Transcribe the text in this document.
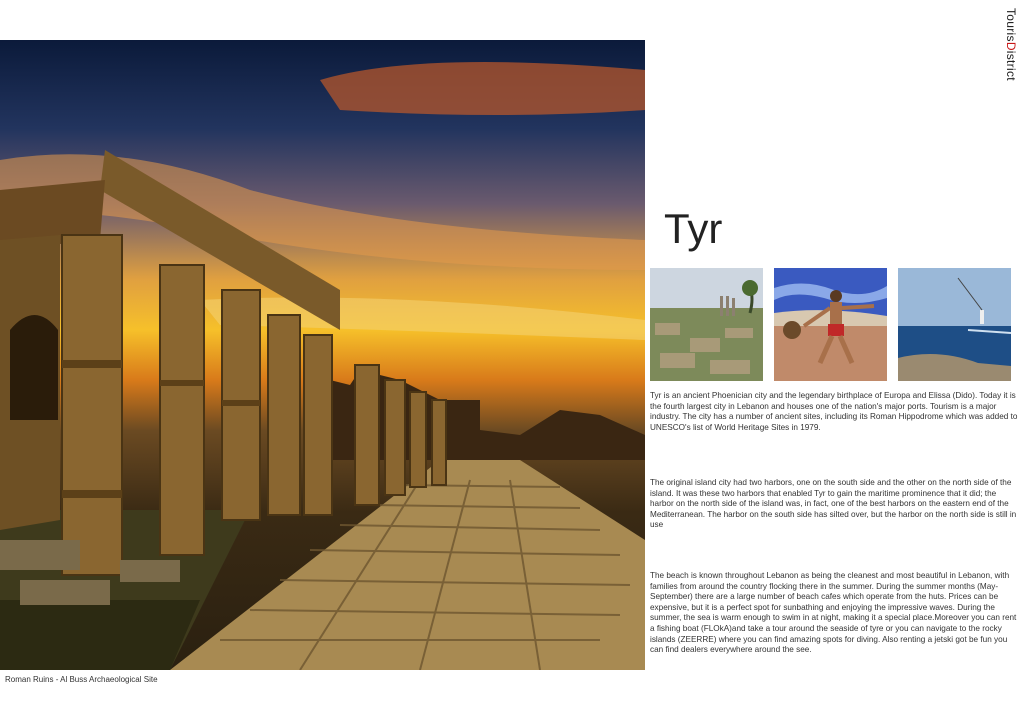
TourisDistrict
Roman Ruins - Al Buss Archaeological Site
Tyr

Tyr is an ancient Phoenician city and the legendary birthplace of Europa and Elissa (Dido). Today it is the fourth largest city in Lebanon and houses one of the nation's major ports. Tourism is a major industry. The city has a number of ancient sites, including its Roman Hippodrome which was added to UNESCO's list of World Heritage Sites in 1979.

The original island city had two harbors, one on the south side and the other on the north side of the island. It was these two harbors that enabled Tyr to gain the maritime prominence that it did; the harbor on the north side of the island was, in fact, one of the best harbors on the eastern end of the Mediterranean. The harbor on the south side has silted over, but the harbor on the north side is still in use

The beach is known throughout Lebanon as being the cleanest and most beautiful in Lebanon, with families from around the country flocking there in the summer. During the summer months (May-September) there are a large number of beach cafes which operate from the huts. Prices can be expensive, but it is a perfect spot for sunbathing and enjoying the impressive waves. During the summer, the sea is warm enough to swim in at night, making it a special place.Moreover you can rent a fishing boat (FLOkA)and take a tour around the seaside of tyre or you can navigate to the rocky islands (ZEERRE) where you can find amazing spots for diving. Also renting a jetski got be fun you can find dealers everywhere around the see.
